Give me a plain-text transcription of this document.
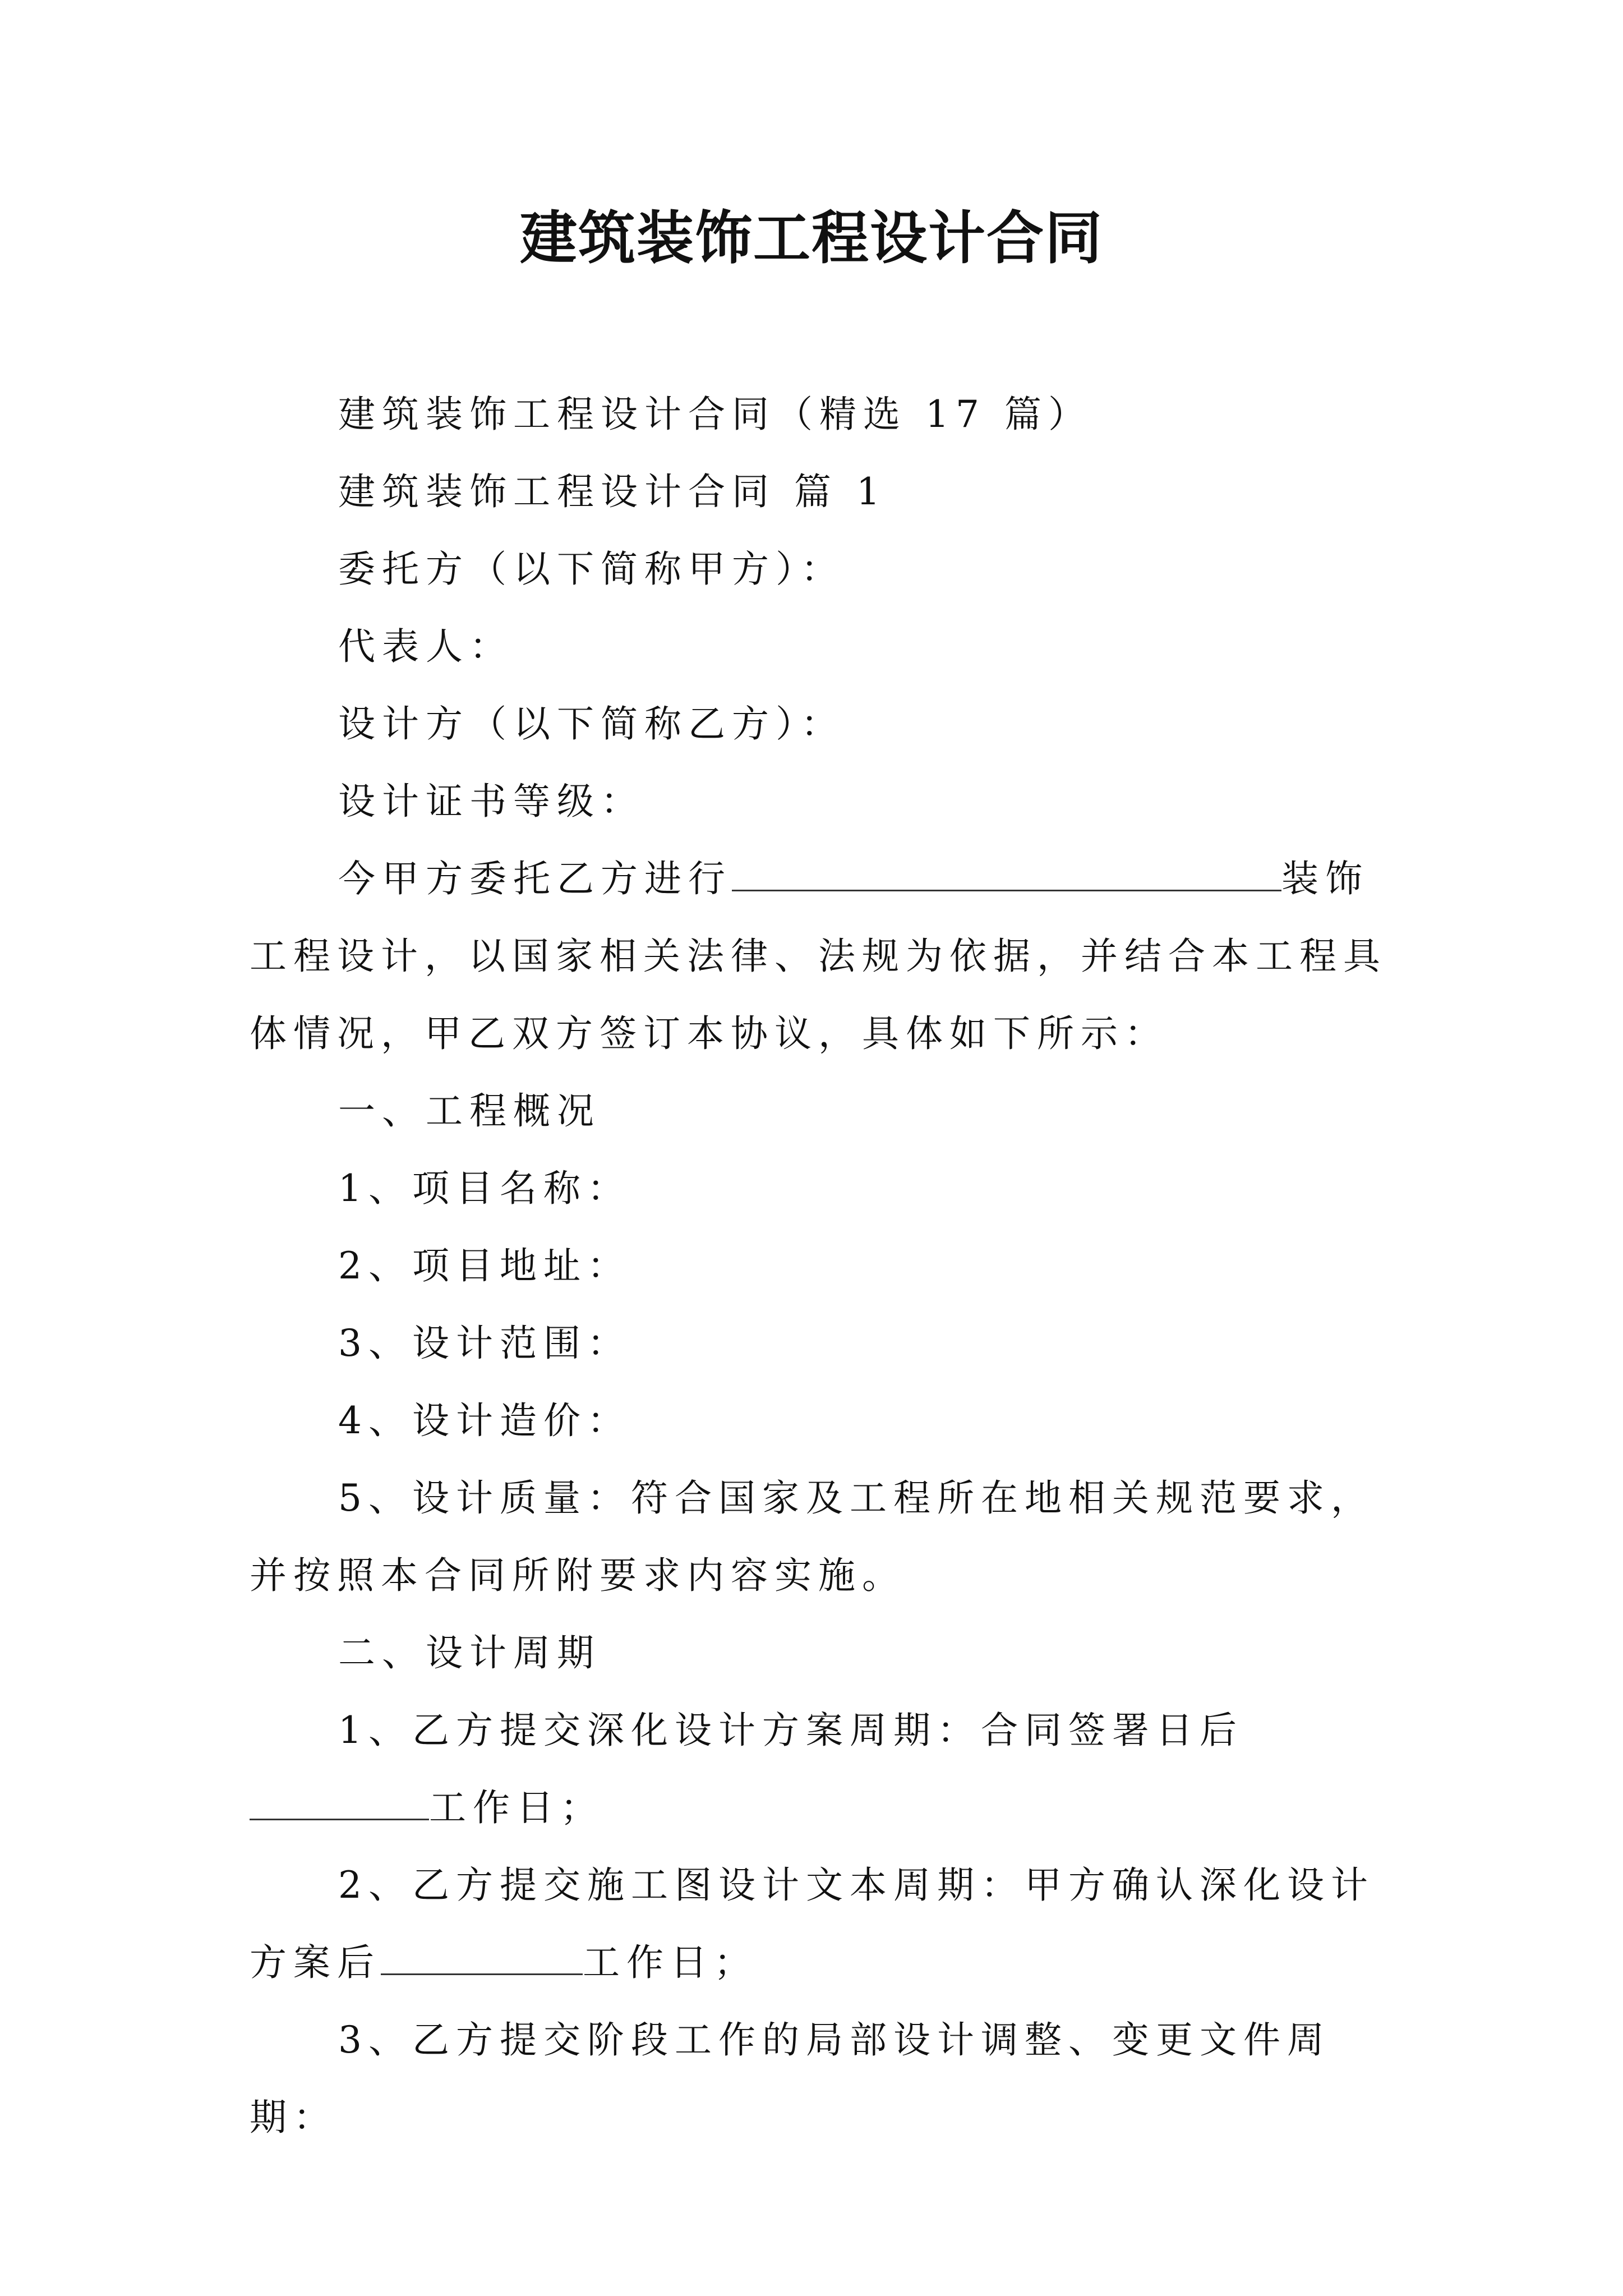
建筑装饰工程设计合同

建筑装饰工程设计合同（精选 17 篇）

建筑装饰工程设计合同 篇 1

委托方（以下简称甲方）：

代表人：

设计方（以下简称乙方）：

设计证书等级：

今甲方委托乙方进行	装饰工程设计，以国家相关法律、法规为依据，并结合本工程具体情况，甲乙双方签订本协议，具体如下所示：

一、工程概况

1、项目名称：

2、项目地址：

3、设计范围：

4、设计造价：

5、设计质量：符合国家及工程所在地相关规范要求，并按照本合同所附要求内容实施。

二、设计周期

1、乙方提交深化设计方案周期：合同签署日后工作日；

2、乙方提交施工图设计文本周期：甲方确认深化设计方案后	工作日；

3、乙方提交阶段工作的局部设计调整、变更文件周期：
